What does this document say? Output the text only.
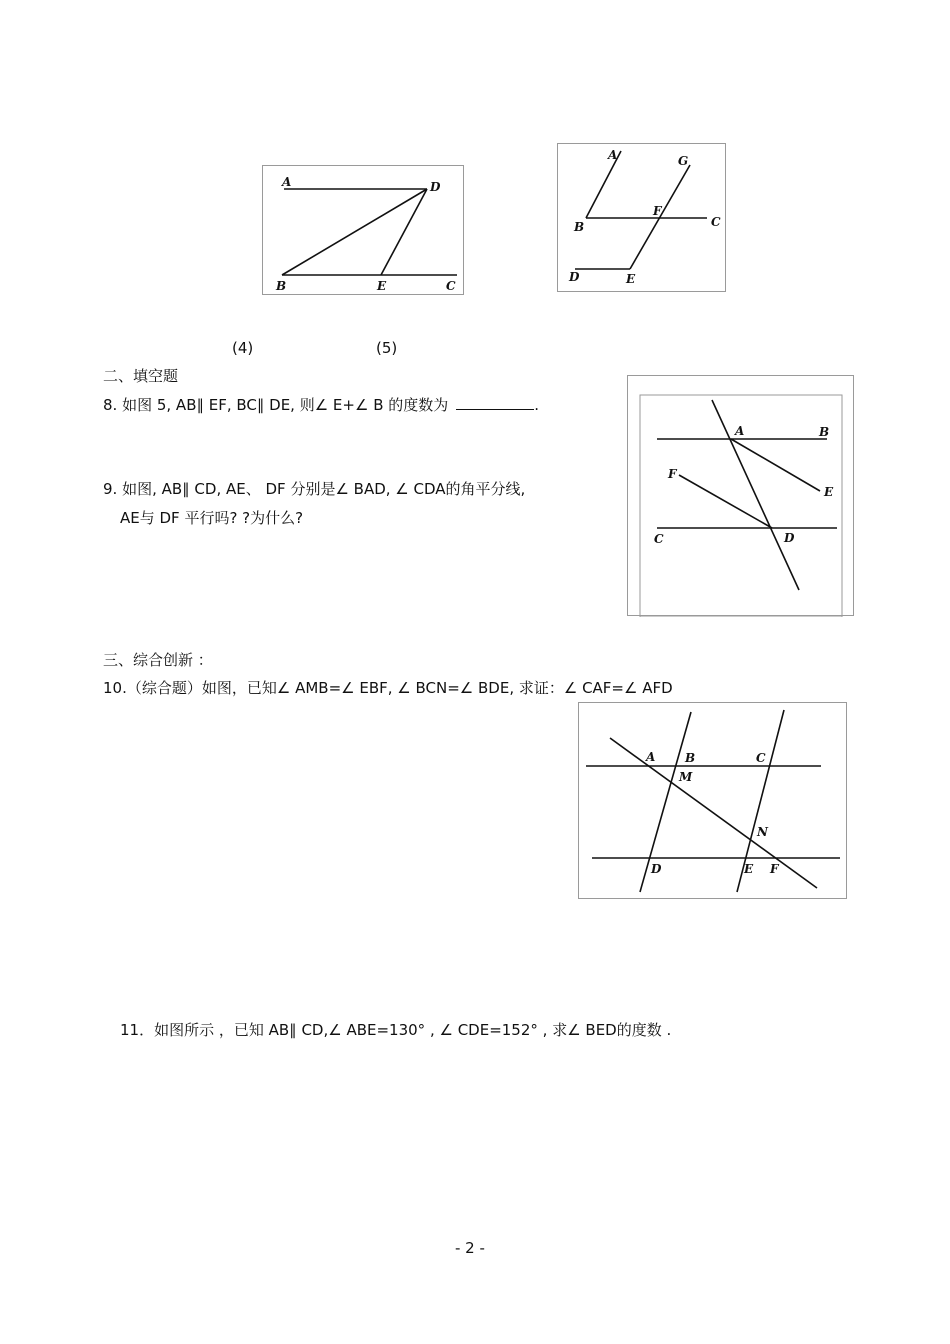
A	D
B	E	C
A	G
B
F
C
D	E
(4)	(5)
二、填空题
8. 如图 5, AB∥ EF, BC∥ DE, 则∠ E+∠ B 的度数为	.
9. 如图, AB∥ CD, AE、 DF 分别是∠ BAD, ∠ CDA的角平分线,
AE与 DF 平行吗? ?为什么?
A	B
F
E
C	D
三、综合创新 ：
10.（综合题）如图，已知∠ AMB=∠ EBF, ∠ BCN=∠ BDE, 求证：∠ CAF=∠ AFD
A B	C
M
N
D	E F
11．如图所示 ，已知 AB∥ CD,∠ ABE=130° , ∠ CDE=152° , 求∠ BED的度数 .
- 2 -
